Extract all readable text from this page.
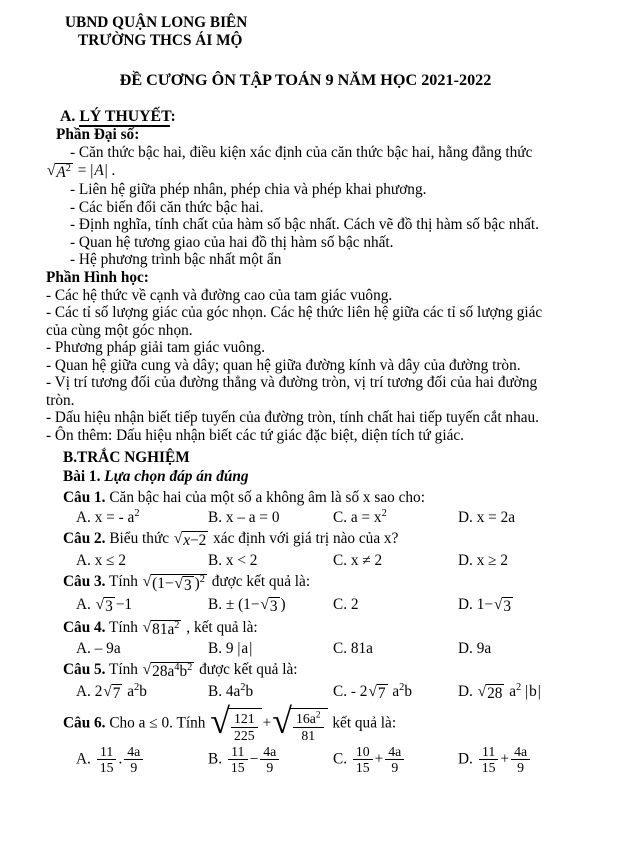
UBND QUẬN LONG BIÊN
TRƯỜNG THCS ÁI MỘ
ĐỀ CƯƠNG ÔN TẬP TOÁN 9 NĂM HỌC 2021-2022
A. LÝ THUYẾT:
Phần Đại số:
- Căn thức bậc hai, điều kiện xác định của căn thức bậc hai, hằng đẳng thức
√ $A^2$ = | A | .
- Liên hệ giữa phép nhân, phép chia và phép khai phương.
- Các biến đổi căn thức bậc hai.
- Định nghĩa, tính chất của hàm số bậc nhất. Cách vẽ đồ thị hàm số bậc nhất.
- Quan hệ tương giao của hai đồ thị hàm số bậc nhất.
- Hệ phương trình bậc nhất một ẩn
Phần Hình học:
- Các hệ thức về cạnh và đường cao của tam giác vuông.
- Các tỉ số lượng giác của góc nhọn. Các hệ thức liên hệ giữa các tỉ số lượng giác
của cùng một góc nhọn.
- Phương pháp giải tam giác vuông.
- Quan hệ giữa cung và dây; quan hệ giữa đường kính và dây của đường tròn.
- Vị trí tương đối của đường thẳng và đường tròn, vị trí tương đối của hai đường
tròn.
- Dấu hiệu nhận biết tiếp tuyến của đường tròn, tính chất hai tiếp tuyến cắt nhau.
- Ôn thêm: Dấu hiệu nhận biết các tứ giác đặc biệt, diện tích tứ giác.
B.TRẮC NGHIỆM
Bài 1. Lựa chọn đáp án đúng
Câu 1. Căn bậc hai của một số a không âm là số x sao cho:
A. x = - $a^2$	B. x – a = 0	C. $a = x^2$	D. x = 2a
Câu 2. Biểu thức √ x−2 xác định với giá trị nào của x?
A. x ≤ 2	B. x < 2	C. x ≠ 2	D. x ≥ 2
Câu 3. Tính √ (1− √ 3 )$^2$ được kết quả là:
A. √ 3 −1	B. ± (1− √ 3 )	C. 2	D. 1− √ 3
Câu 4. Tính √ $81a^2$ , kết quả là:
A. – 9a	B. 9 | a |	C. 81a	D. 9a
Câu 5. Tính √ $28a^4b^2$ được kết quả là:
A. 2 √ 7 $a^2b$	B. $4a^2b$	C. - 2 √ 7 $a^2b$	D. √ 28 $a^2$ | b |
Câu 6. Cho a ≤ 0. Tính √ $\frac{121}{225}$ + √ $\frac{16a^2}{81}$ kết quả là:
A. $\frac{11}{15}$ . $\frac{4a}{9}$	B. $\frac{11}{15} - \frac{4a}{9}$	C. $\frac{10}{15} + \frac{4a}{9}$	D. $\frac{11}{15} + \frac{4a}{9}$
